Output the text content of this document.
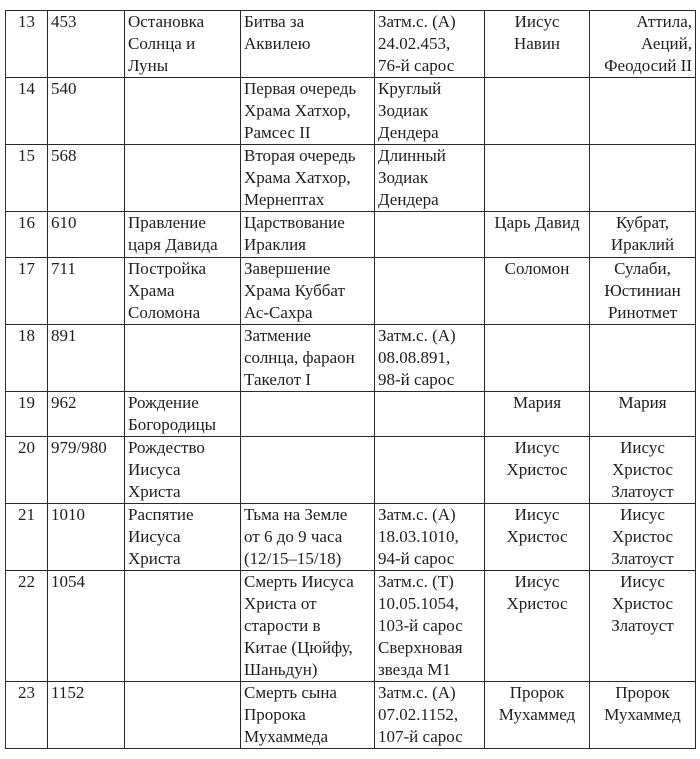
13	453	Остановка
Солнца и
Луны	Битва за
Аквилею	Затм.с. (А)
24.02.453,
76-й сарос	Иисус
Навин	Аттила,
Аеций,
Феодосий II
14	540		Первая очередь
Храма Хатхор,
Рамсес II	Круглый
Зодиак
Дендера		
15	568		Вторая очередь
Храма Хатхор,
Мернептах	Длинный
Зодиак
Дендера		
16	610	Правление
царя Давида	Царствование
Ираклия		Царь Давид	Кубрат,
Ираклий
17	711	Постройка
Храма
Соломона	Завершение
Храма Куббат
Ас-Сахра		Соломон	Сулаби,
Юстиниан
Ринотмет
18	891		Затмение
солнца, фараон
Такелот I	Затм.с. (А)
08.08.891,
98-й сарос		
19	962	Рождение
Богородицы			Мария	Мария
20	979/980	Рождество
Иисуса
Христа			Иисус
Христос	Иисус
Христос
Златоуст
21	1010	Распятие
Иисуса
Христа	Тьма на Земле
от 6 до 9 часа
(12/15–15/18)	Затм.с. (А)
18.03.1010,
94-й сарос	Иисус
Христос	Иисус
Христос
Златоуст
22	1054		Смерть Иисуса
Христа от
старости в
Китае (Цюйфу,
Шаньдун)	Затм.с. (Т)
10.05.1054,
103-й сарос
Сверхновая
звезда М1	Иисус
Христос	Иисус
Христос
Златоуст
23	1152		Смерть сына
Пророка
Мухаммеда	Затм.с. (А)
07.02.1152,
107-й сарос	Пророк
Мухаммед	Пророк
Мухаммед
